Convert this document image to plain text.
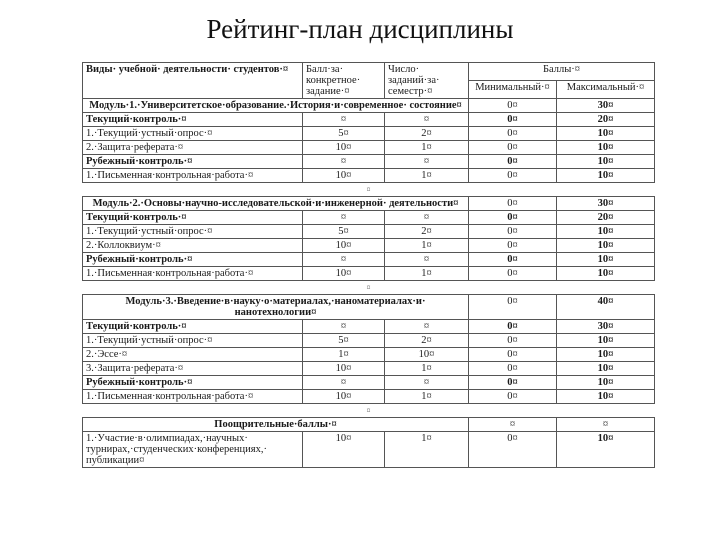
Рейтинг-план дисциплины
Виды· учебной· деятельности· студентов·¤	Балл·за· конкретное· задание·¤	Число· заданий·за· семестр·¤	Баллы·¤	
			Минимальный·¤	Максимальный·¤
Модуль·1.·Университетское·образование.·История·и·современное· состояние¤			0¤	30¤
Текущий·контроль·¤	¤	¤	0¤	20¤
1.·Текущий·устный·опрос·¤	5¤	2¤	0¤	10¤
2.·Защита·реферата·¤	10¤	1¤	0¤	10¤
Рубежный·контроль·¤	¤	¤	0¤	10¤
1.·Письменная·контрольная·работа·¤	10¤	1¤	0¤	10¤
¤				
Модуль·2.·Основы·научно-исследовательской·и·инженерной· деятельности¤			0¤	30¤
Текущий·контроль·¤	¤	¤	0¤	20¤
1.·Текущий·устный·опрос·¤	5¤	2¤	0¤	10¤
2.·Коллоквиум·¤	10¤	1¤	0¤	10¤
Рубежный·контроль·¤	¤	¤	0¤	10¤
1.·Письменная·контрольная·работа·¤	10¤	1¤	0¤	10¤
¤				
Модуль·3.·Введение·в·науку·о·материалах,·наноматериалах·и· нанотехнологии¤			0¤	40¤
Текущий·контроль·¤	¤	¤	0¤	30¤
1.·Текущий·устный·опрос·¤	5¤	2¤	0¤	10¤
2.·Эссе·¤	1¤	10¤	0¤	10¤
3.·Защита·реферата·¤	10¤	1¤	0¤	10¤
Рубежный·контроль·¤	¤	¤	0¤	10¤
1.·Письменная·контрольная·работа·¤	10¤	1¤	0¤	10¤
¤				
Поощрительные·баллы·¤			¤	¤
1.·Участие·в·олимпиадах,·научных· турнирах,·студенческих·конференциях,· публикации¤	10¤	1¤	0¤	10¤
